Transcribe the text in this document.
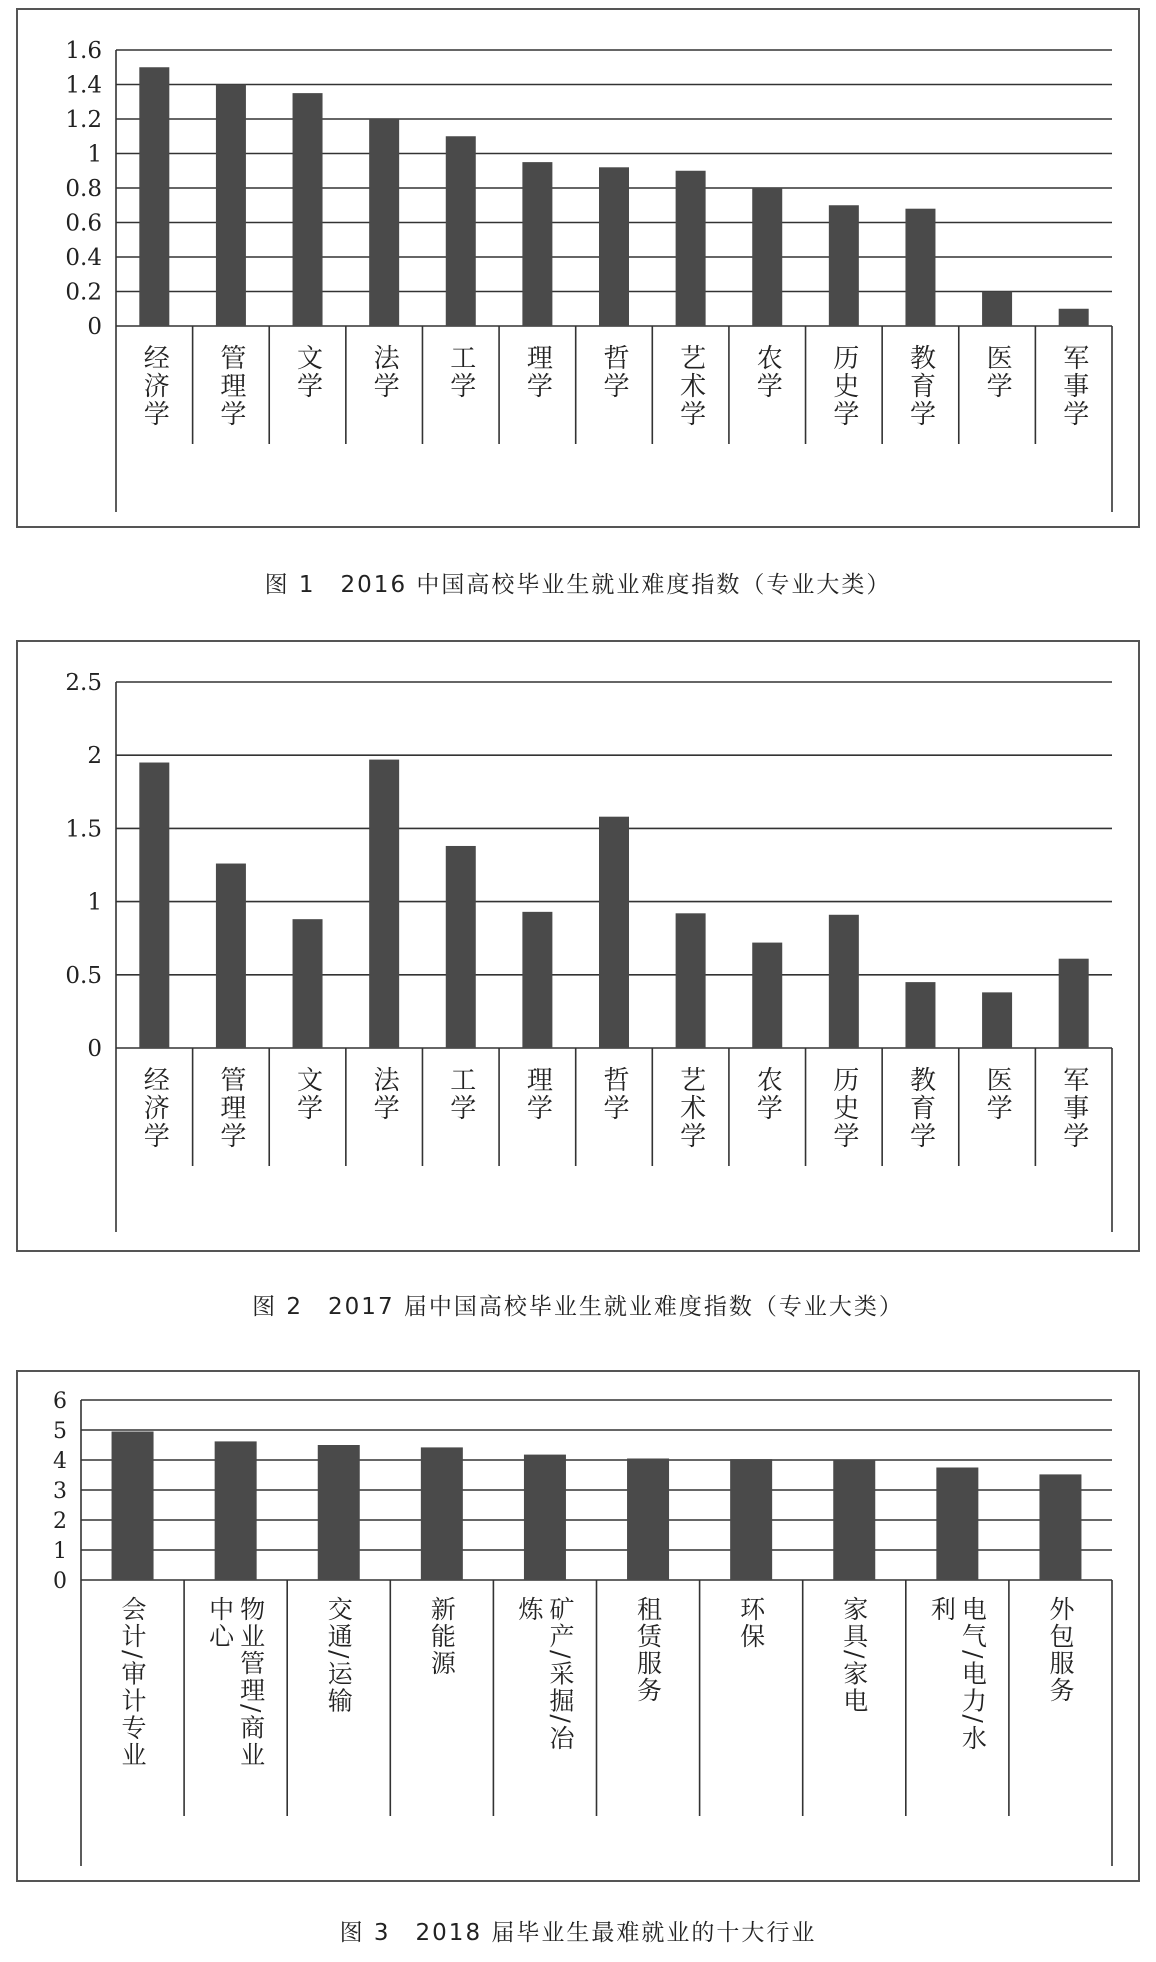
0
0.2
0.4
0.6
0.8
1
1.2
1.4
1.6
经济学 管理学 文学 法学 工学 理学 哲学 艺术学 农学 历史学 教育学 医学 军事学
图 1　2016 中国高校毕业生就业难度指数（专业大类）
0
0.5
1
1.5
2
2.5
经济学 管理学 文学 法学 工学 理学 哲学 艺术学 农学 历史学 教育学 医学 军事学
图 2　2017 届中国高校毕业生就业难度指数（专业大类）
0
1
2
3
4
5
6
会计/审计专业	物业管理/商业
中心	交通/运输	新能源	矿产/采掘/冶
炼	租赁服务	环保	家具/家电	电气/电力/水
利	外包服务
图 3　2018 届毕业生最难就业的十大行业
